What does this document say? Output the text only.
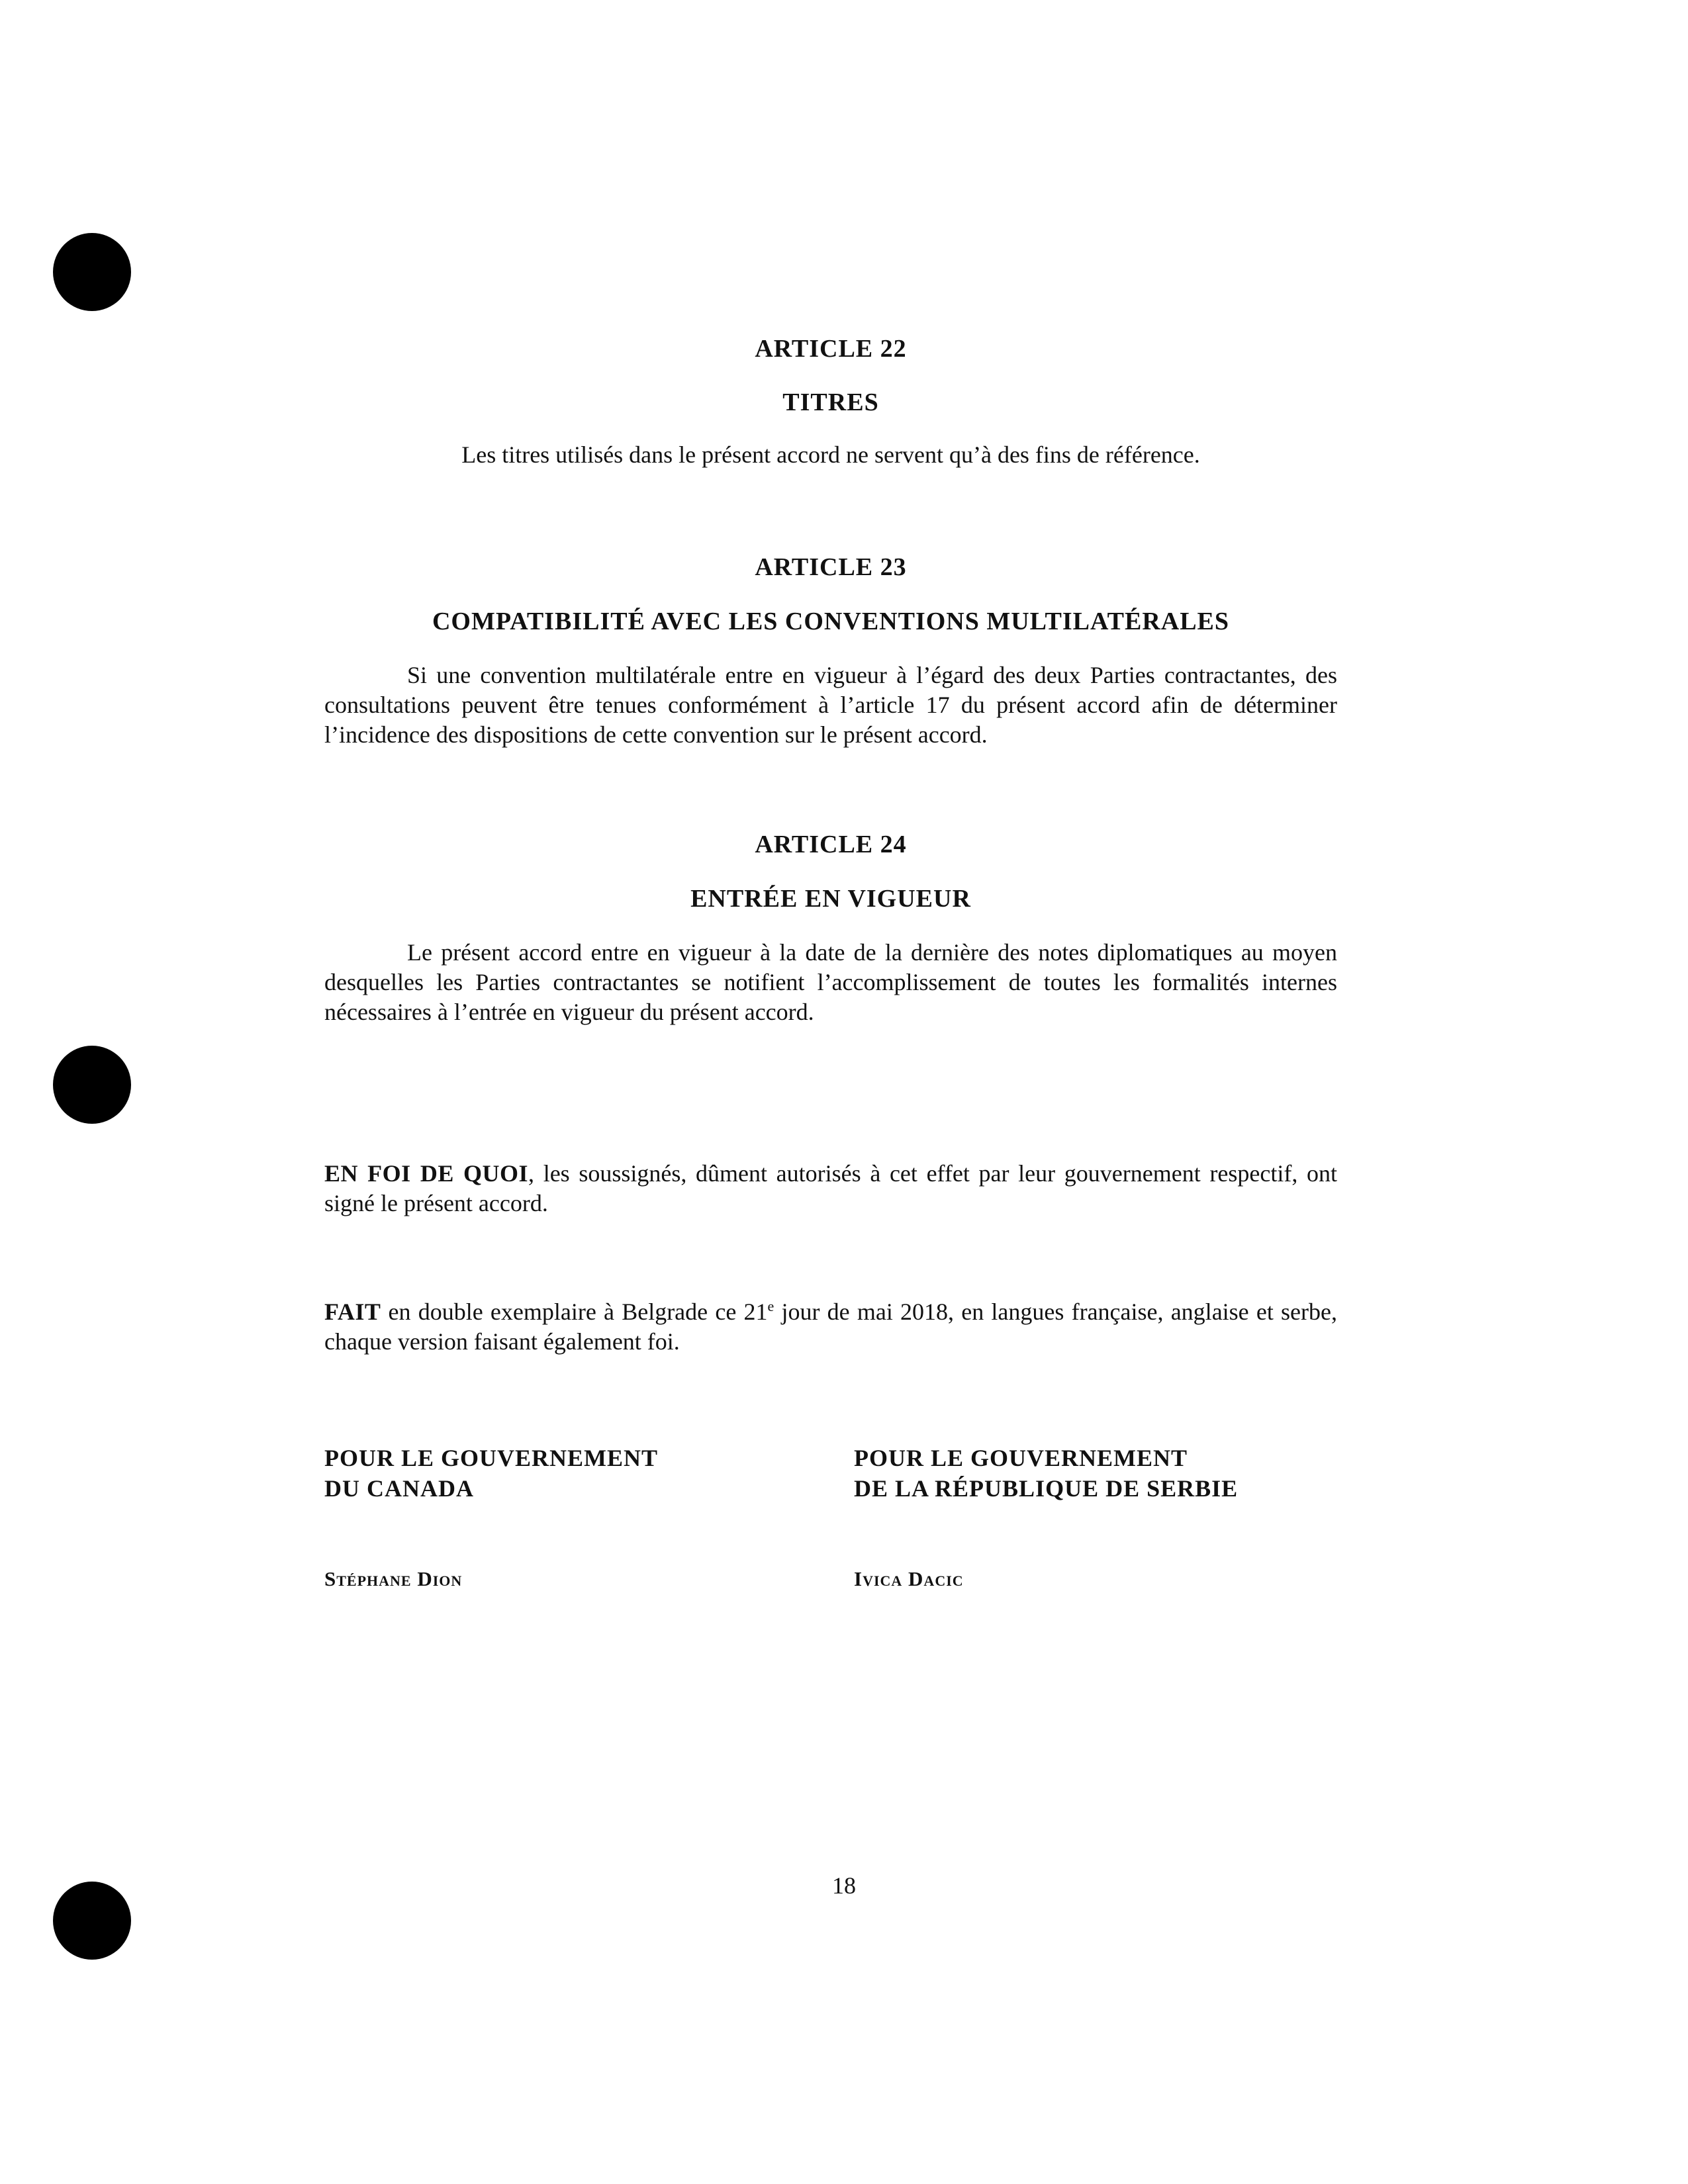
ARTICLE 22
TITRES
Les titres utilisés dans le présent accord ne servent qu’à des fins de référence.
ARTICLE 23
COMPATIBILITÉ AVEC LES CONVENTIONS MULTILATÉRALES
Si une convention multilatérale entre en vigueur à l’égard des deux Parties contractantes, des consultations peuvent être tenues conformément à l’article 17 du présent accord afin de déterminer l’incidence des dispositions de cette convention sur le présent accord.
ARTICLE 24
ENTRÉE EN VIGUEUR
Le présent accord entre en vigueur à la date de la dernière des notes diplomatiques au moyen desquelles les Parties contractantes se notifient l’accomplissement de toutes les formalités internes nécessaires à l’entrée en vigueur du présent accord.
EN FOI DE QUOI, les soussignés, dûment autorisés à cet effet par leur gouvernement respectif, ont signé le présent accord.
FAIT en double exemplaire à Belgrade ce 21e jour de mai 2018, en langues française, anglaise et serbe, chaque version faisant également foi.
POUR LE GOUVERNEMENT
DU CANADA
POUR LE GOUVERNEMENT
DE LA RÉPUBLIQUE DE SERBIE
Stéphane Dion	Ivica Dacic
18
